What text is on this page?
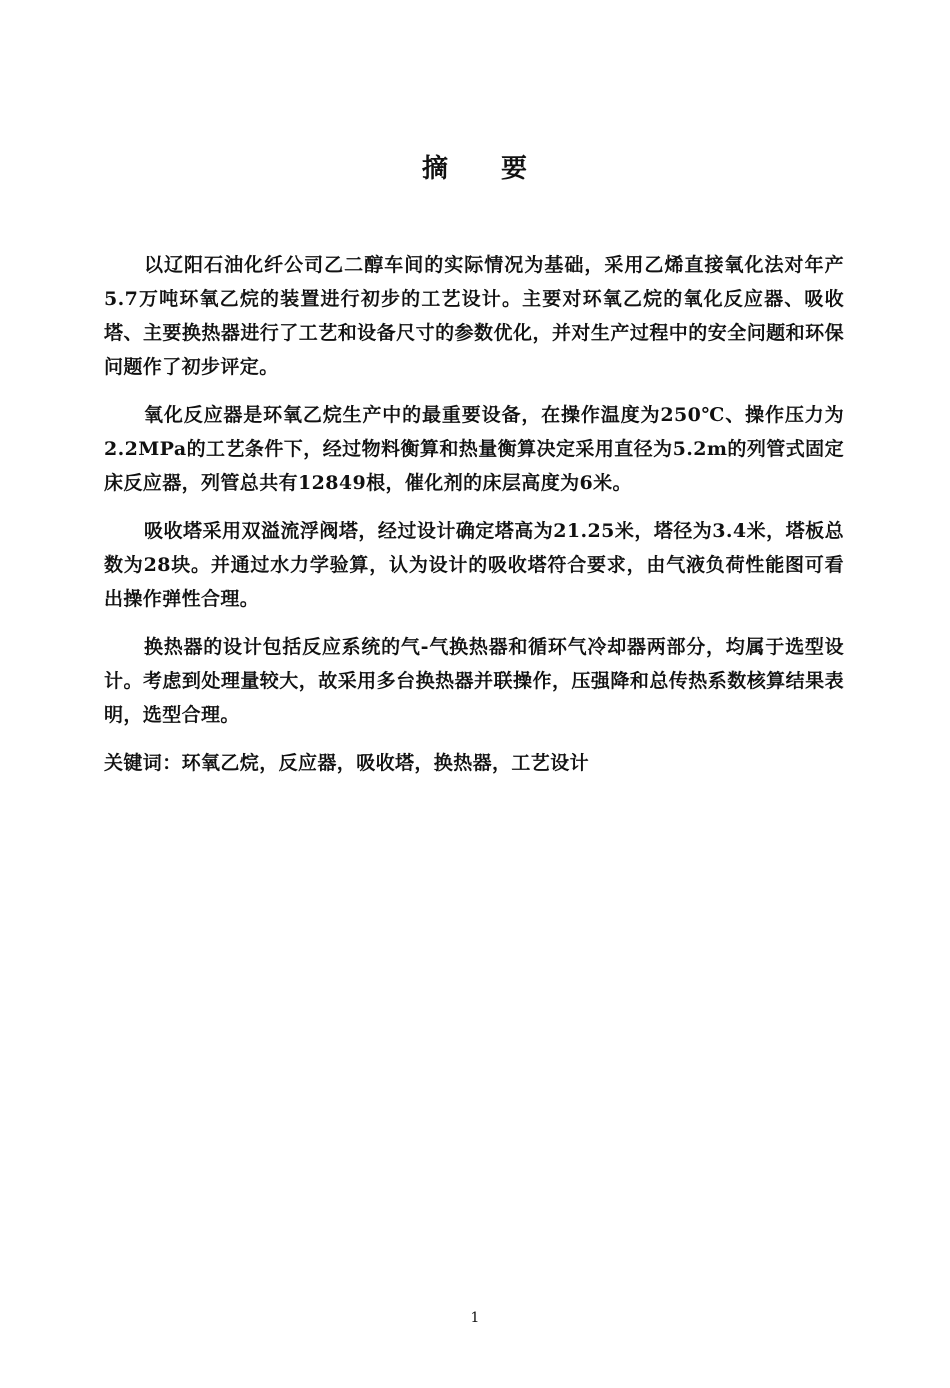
摘 要

以辽阳石油化纤公司乙二醇车间的实际情况为基础，采用乙烯直接氧化法对年产5.7万吨环氧乙烷的装置进行初步的工艺设计。主要对环氧乙烷的氧化反应器、吸收塔、主要换热器进行了工艺和设备尺寸的参数优化，并对生产过程中的安全问题和环保问题作了初步评定。

氧化反应器是环氧乙烷生产中的最重要设备，在操作温度为250℃、操作压力为2.2MPa的工艺条件下，经过物料衡算和热量衡算决定采用直径为5.2m的列管式固定床反应器，列管总共有12849根，催化剂的床层高度为6米。

吸收塔采用双溢流浮阀塔，经过设计确定塔高为21.25米，塔径为3.4米，塔板总数为28块。并通过水力学验算，认为设计的吸收塔符合要求，由气液负荷性能图可看出操作弹性合理。

换热器的设计包括反应系统的气-气换热器和循环气冷却器两部分，均属于选型设计。考虑到处理量较大，故采用多台换热器并联操作，压强降和总传热系数核算结果表明，选型合理。

关键词：环氧乙烷，反应器，吸收塔，换热器，工艺设计

1
